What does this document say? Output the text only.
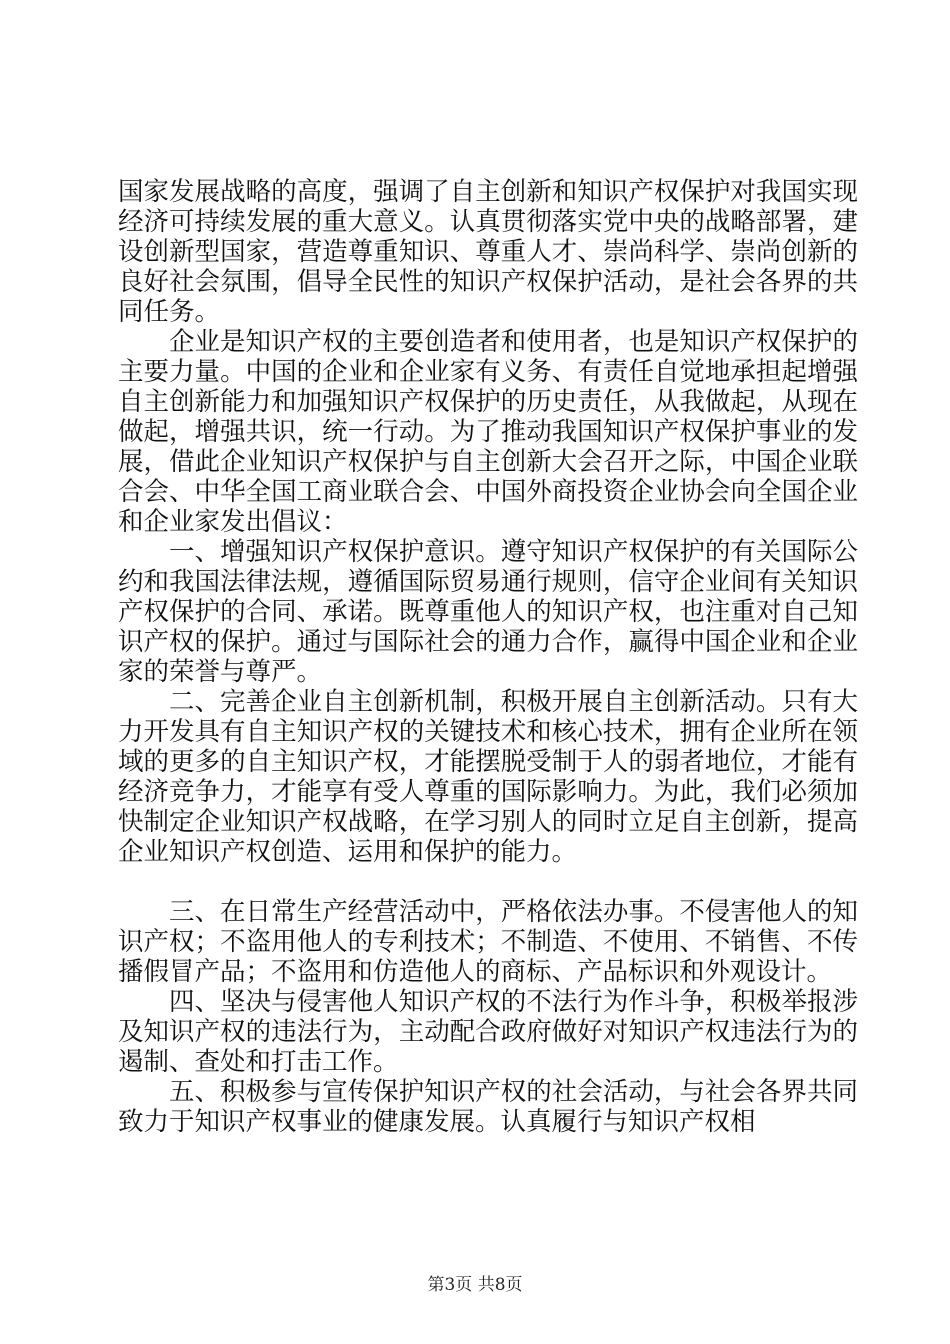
国家发展战略的高度，强调了自主创新和知识产权保护对我国实现经济可持续发展的重大意义。认真贯彻落实党中央的战略部署，建设创新型国家，营造尊重知识、尊重人才、崇尚科学、崇尚创新的良好社会氛围，倡导全民性的知识产权保护活动，是社会各界的共同任务。

企业是知识产权的主要创造者和使用者，也是知识产权保护的主要力量。中国的企业和企业家有义务、有责任自觉地承担起增强自主创新能力和加强知识产权保护的历史责任，从我做起，从现在做起，增强共识，统一行动。为了推动我国知识产权保护事业的发展，借此企业知识产权保护与自主创新大会召开之际，中国企业联合会、中华全国工商业联合会、中国外商投资企业协会向全国企业和企业家发出倡议：

一、增强知识产权保护意识。遵守知识产权保护的有关国际公约和我国法律法规，遵循国际贸易通行规则，信守企业间有关知识产权保护的合同、承诺。既尊重他人的知识产权，也注重对自己知识产权的保护。通过与国际社会的通力合作，赢得中国企业和企业家的荣誉与尊严。

二、完善企业自主创新机制，积极开展自主创新活动。只有大力开发具有自主知识产权的关键技术和核心技术，拥有企业所在领域的更多的自主知识产权，才能摆脱受制于人的弱者地位，才能有经济竞争力，才能享有受人尊重的国际影响力。为此，我们必须加快制定企业知识产权战略，在学习别人的同时立足自主创新，提高企业知识产权创造、运用和保护的能力。

三、在日常生产经营活动中，严格依法办事。不侵害他人的知识产权；不盗用他人的专利技术；不制造、不使用、不销售、不传播假冒产品；不盗用和仿造他人的商标、产品标识和外观设计。

四、坚决与侵害他人知识产权的不法行为作斗争，积极举报涉及知识产权的违法行为，主动配合政府做好对知识产权违法行为的遏制、查处和打击工作。

五、积极参与宣传保护知识产权的社会活动，与社会各界共同致力于知识产权事业的健康发展。认真履行与知识产权相

第3页 共8页
